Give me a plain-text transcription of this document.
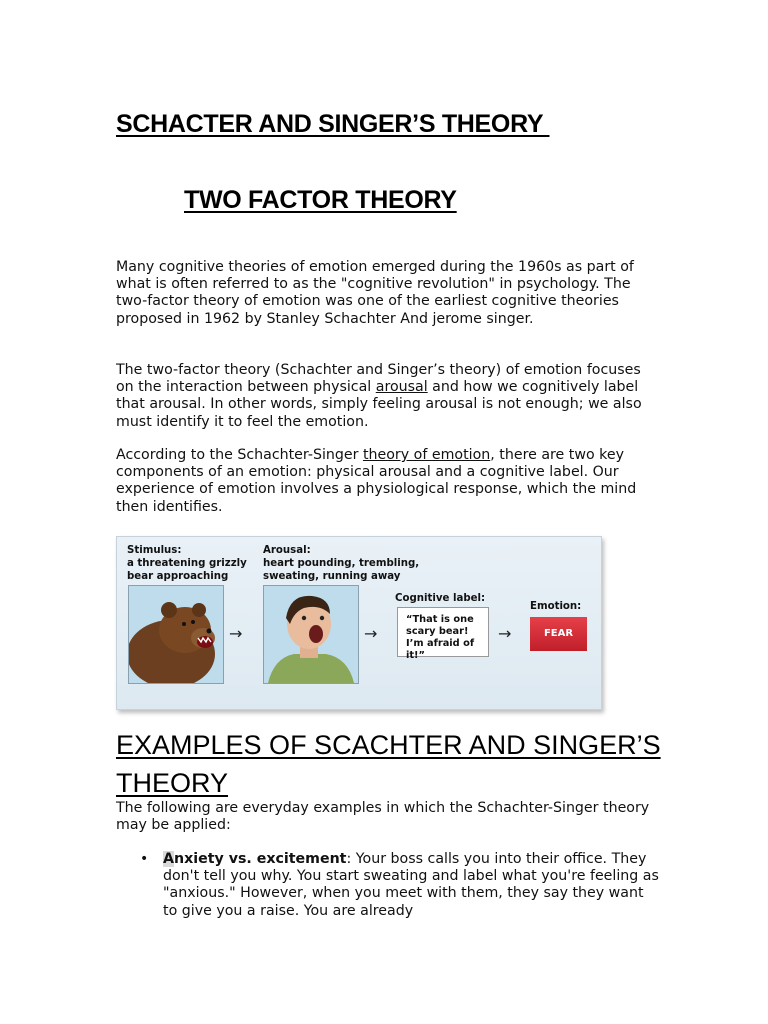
SCHACTER AND SINGER’S THEORY
TWO FACTOR THEORY

Many cognitive theories of emotion emerged during the 1960s as part of what is often referred to as the "cognitive revolution" in psychology. The two-factor theory of emotion was one of the earliest cognitive theories proposed in 1962 by Stanley Schachter And jerome singer.

The two-factor theory (Schachter and Singer’s theory) of emotion focuses on the interaction between physical arousal and how we cognitively label that arousal. In other words, simply feeling arousal is not enough; we also must identify it to feel the emotion.

According to the Schachter-Singer theory of emotion, there are two key components of an emotion: physical arousal and a cognitive label. Our experience of emotion involves a physiological response, which the mind then identifies.

Stimulus:
a threatening grizzly
bear approaching
Arousal:
heart pounding, trembling,
sweating, running away
→	→
Cognitive label:
“That is one scary bear! I’m afraid of it!”
→
Emotion:
FEAR

EXAMPLES OF SCACHTER AND SINGER’S THEORY

The following are everyday examples in which the Schachter-Singer theory may be applied:

• Anxiety vs. excitement: Your boss calls you into their office. They don't tell you why. You start sweating and label what you're feeling as "anxious." However, when you meet with them, they say they want to give you a raise. You are already
